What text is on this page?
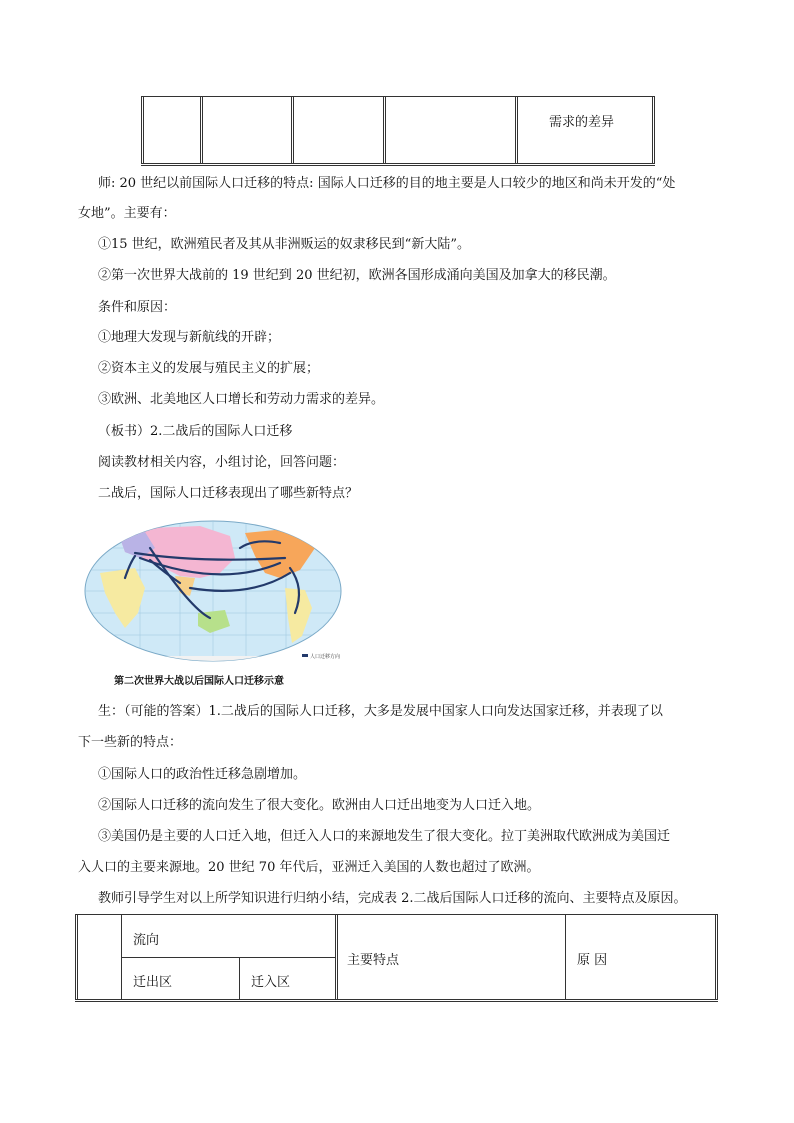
需求的差异
师: 20 世纪以前国际人口迁移的特点: 国际人口迁移的目的地主要是人口较少的地区和尚未开发的“处
女地”。主要有：
①15 世纪，欧洲殖民者及其从非洲贩运的奴隶移民到“新大陆”。
②第一次世界大战前的 19 世纪到 20 世纪初，欧洲各国形成涌向美国及加拿大的移民潮。
条件和原因：
①地理大发现与新航线的开辟；
②资本主义的发展与殖民主义的扩展；
③欧洲、北美地区人口增长和劳动力需求的差异。
（板书）2.二战后的国际人口迁移
阅读教材相关内容，小组讨论，回答问题：
二战后，国际人口迁移表现出了哪些新特点？
人口迁移方向
第二次世界大战以后国际人口迁移示意
生：（可能的答案）1.二战后的国际人口迁移，大多是发展中国家人口向发达国家迁移，并表现了以
下一些新的特点：
①国际人口的政治性迁移急剧增加。
②国际人口迁移的流向发生了很大变化。欧洲由人口迁出地变为人口迁入地。
③美国仍是主要的人口迁入地，但迁入人口的来源地发生了很大变化。拉丁美洲取代欧洲成为美国迁
入人口的主要来源地。20 世纪 70 年代后，亚洲迁入美国的人数也超过了欧洲。
教师引导学生对以上所学知识进行归纳小结，完成表 2.二战后国际人口迁移的流向、主要特点及原因。
流向
迁出区	迁入区
主要特点	原 因
